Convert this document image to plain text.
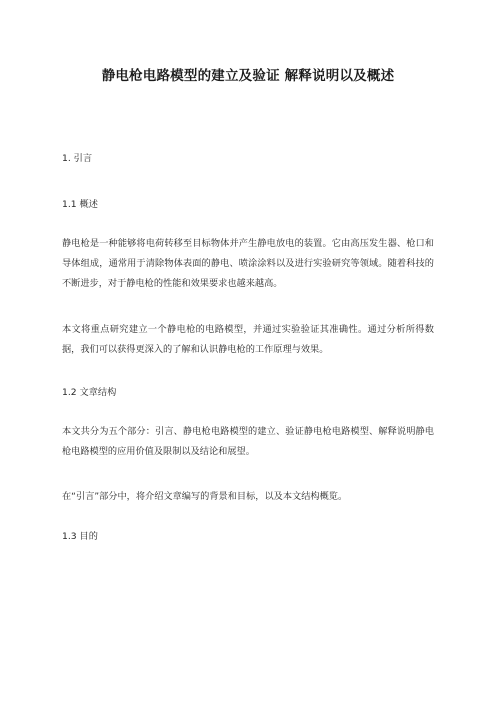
静电枪电路模型的建立及验证 解释说明以及概述
1. 引言
1.1 概述
静电枪是一种能够将电荷转移至目标物体并产生静电放电的装置。它由高压发生器、枪口和导体组成，通常用于清除物体表面的静电、喷涂涂料以及进行实验研究等领域。随着科技的不断进步，对于静电枪的性能和效果要求也越来越高。
本文将重点研究建立一个静电枪的电路模型，并通过实验验证其准确性。通过分析所得数据，我们可以获得更深入的了解和认识静电枪的工作原理与效果。
1.2 文章结构
本文共分为五个部分：引言、静电枪电路模型的建立、验证静电枪电路模型、解释说明静电枪电路模型的应用价值及限制以及结论和展望。
在“引言”部分中，将介绍文章编写的背景和目标，以及本文结构概览。
1.3 目的
